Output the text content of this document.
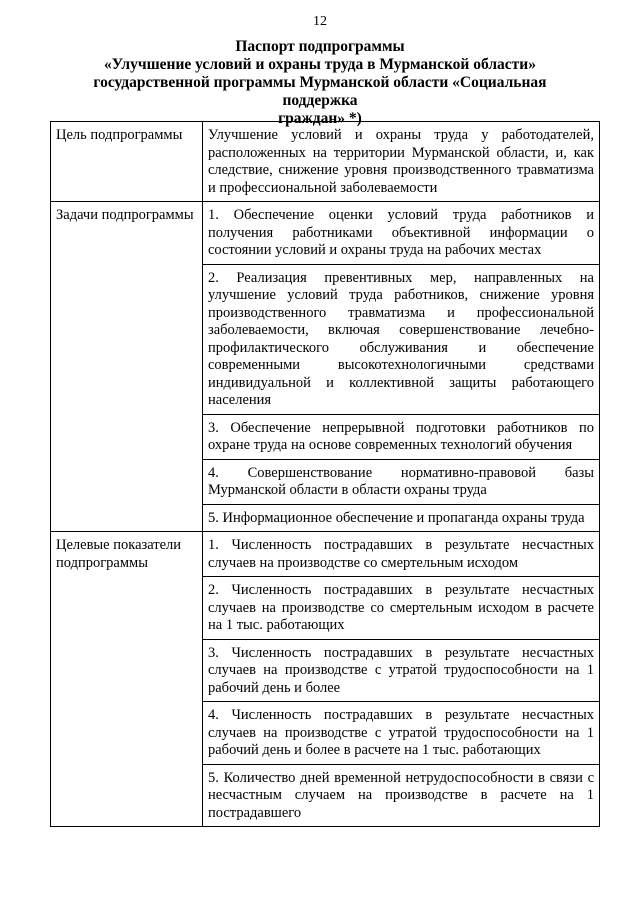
12
Паспорт подпрограммы
«Улучшение условий и охраны труда в Мурманской области»
государственной программы Мурманской области «Социальная поддержка
граждан» *)
Цель подпрограммы	Улучшение условий и охраны труда у работодателей, расположенных на территории Мурманской области, и, как следствие, снижение уровня производственного травматизма и профессиональной заболеваемости
Задачи подпрограммы	1. Обеспечение оценки условий труда работников и получения работниками объективной информации о состоянии условий и охраны труда на рабочих местах
	2. Реализация превентивных мер, направленных на улучшение условий труда работников, снижение уровня производственного травматизма и профессиональной заболеваемости, включая совершенствование лечебно-профилактического обслуживания и обеспечение современными высокотехнологичными средствами индивидуальной и коллективной защиты работающего населения
	3. Обеспечение непрерывной подготовки работников по охране труда на основе современных технологий обучения
	4. Совершенствование нормативно-правовой базы Мурманской области в области охраны труда
	5. Информационное обеспечение и пропаганда охраны труда
Целевые показатели подпрограммы	1. Численность пострадавших в результате несчастных случаев на производстве со смертельным исходом
	2. Численность пострадавших в результате несчастных случаев на производстве со смертельным исходом в расчете на 1 тыс. работающих
	3. Численность пострадавших в результате несчастных случаев на производстве с утратой трудоспособности на 1 рабочий день и более
	4. Численность пострадавших в результате несчастных случаев на производстве с утратой трудоспособности на 1 рабочий день и более в расчете на 1 тыс. работающих
	5. Количество дней временной нетрудоспособности в связи с несчастным случаем на производстве в расчете на 1 пострадавшего
